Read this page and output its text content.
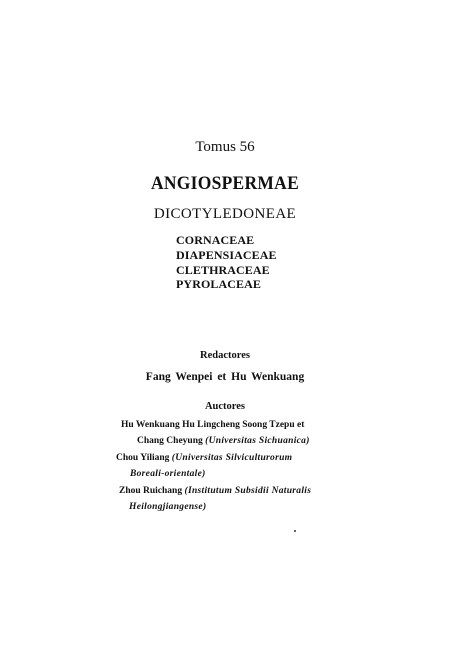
Tomus 56
ANGIOSPERMAE
DICOTYLEDONEAE
CORNACEAE
DIAPENSIACEAE
CLETHRACEAE
PYROLACEAE
Redactores
Fang Wenpei et Hu Wenkuang
Auctores
Hu Wenkuang Hu Lingcheng Soong Tzepu et
Chang Cheyung (Universitas Sichuanica)
Chou Yiliang (Universitas Silviculturorum
Boreali-orientale)
Zhou Ruichang (Institutum Subsidii Naturalis
Heilongjiangense)
